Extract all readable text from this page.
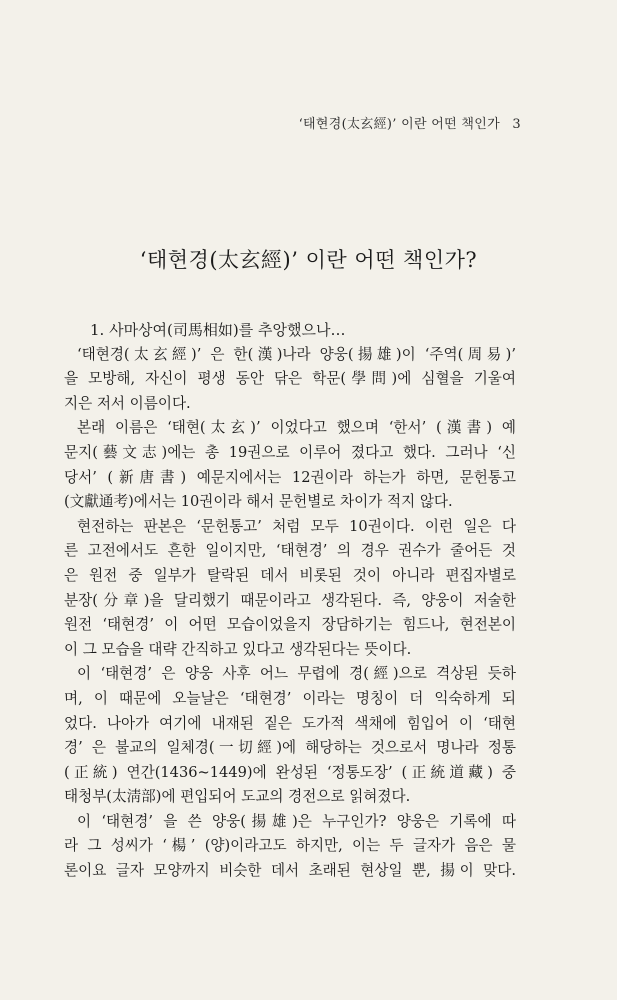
‘태현경(太玄經)’ 이란 어떤 책인가 3
‘태현경(太玄經)’ 이란 어떤 책인가?
1. 사마상여(司馬相如)를 추앙했으나…
‘태현경(太玄經)’ 은 한(漢)나라 양웅(揚雄)이 ‘주역(周易)’
을 모방해, 자신이 평생 동안 닦은 학문(學問)에 심혈을 기울여
지은 저서 이름이다.
본래 이름은 ‘태현(太玄)’ 이었다고 했으며 ‘한서’ (漢書) 예
문지(藝文志)에는 총 19권으로 이루어 졌다고 했다. 그러나 ‘신
당서’ (新唐書) 예문지에서는 12권이라 하는가 하면, 문헌통고
(文獻通考)에서는 10권이라 해서 문헌별로 차이가 적지 않다.
현전하는 판본은 ‘문헌통고’ 처럼 모두 10권이다. 이런 일은 다
른 고전에서도 흔한 일이지만, ‘태현경’ 의 경우 권수가 줄어든 것
은 원전 중 일부가 탈락된 데서 비롯된 것이 아니라 편집자별로
분장(分章)을 달리했기 때문이라고 생각된다. 즉, 양웅이 저술한
원전 ‘태현경’ 이 어떤 모습이었을지 장담하기는 힘드나, 현전본이
이 그 모습을 대략 간직하고 있다고 생각된다는 뜻이다.
이 ‘태현경’ 은 양웅 사후 어느 무렵에 경(經)으로 격상된 듯하
며, 이 때문에 오늘날은 ‘태현경’ 이라는 명칭이 더 익숙하게 되
었다. 나아가 여기에 내재된 짙은 도가적 색채에 힘입어 이 ‘태현
경’ 은 불교의 일체경(一切經)에 해당하는 것으로서 명나라 정통
(正統) 연간(1436~1449)에 완성된 ‘정통도장’ (正統道藏) 중
태청부(太淸部)에 편입되어 도교의 경전으로 읽혀졌다.
이 ‘태현경’ 을 쓴 양웅(揚雄)은 누구인가? 양웅은 기록에 따
라 그 성씨가 ‘楊’ (양)이라고도 하지만, 이는 두 글자가 음은 물
론이요 글자 모양까지 비슷한 데서 초래된 현상일 뿐, 揚이 맞다.
